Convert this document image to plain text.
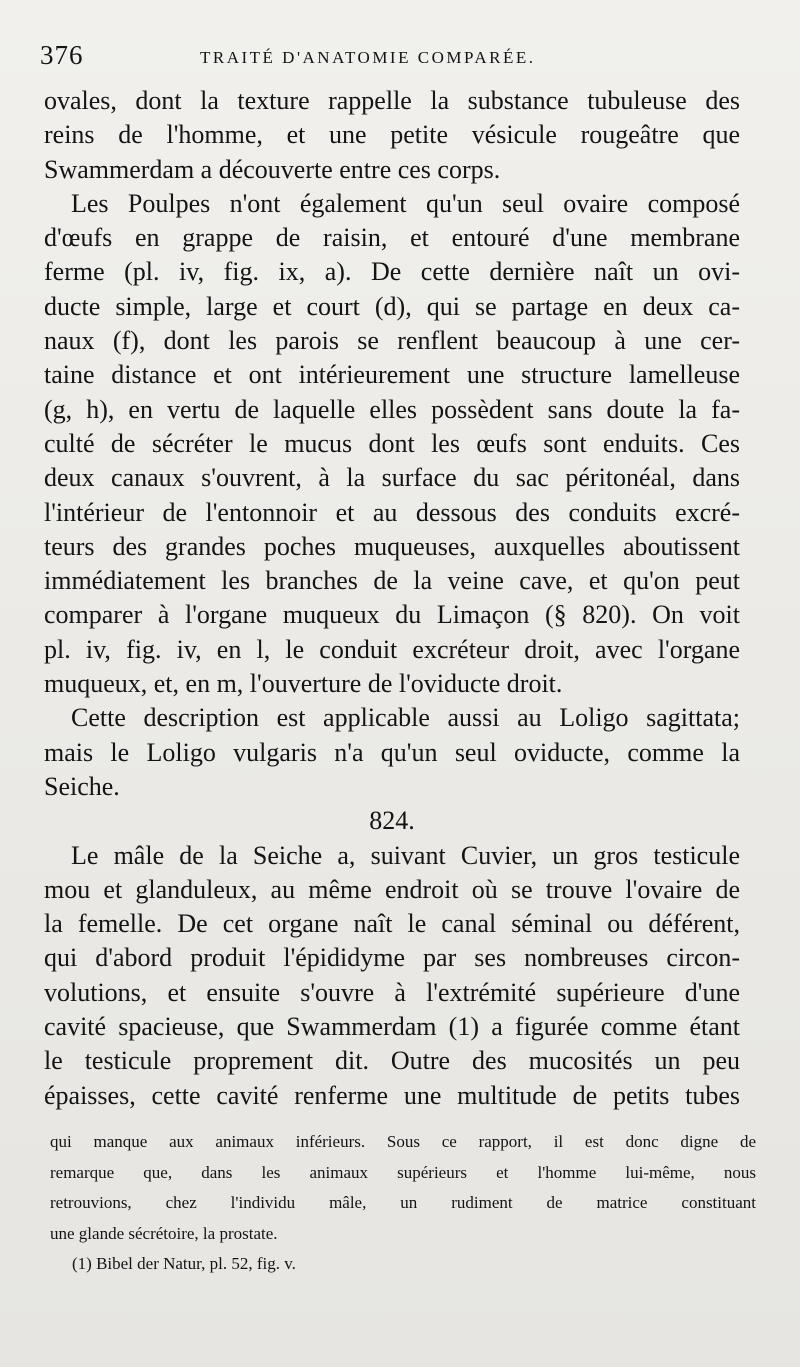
376	TRAITÉ D'ANATOMIE COMPARÉE.
ovales, dont la texture rappelle la substance tubuleuse des
reins de l'homme, et une petite vésicule rougeâtre que
Swammerdam a découverte entre ces corps.
Les Poulpes n'ont également qu'un seul ovaire composé
d'œufs en grappe de raisin, et entouré d'une membrane
ferme (pl. iv, fig. ix, a). De cette dernière naît un ovi-
ducte simple, large et court (d), qui se partage en deux ca-
naux (f), dont les parois se renflent beaucoup à une cer-
taine distance et ont intérieurement une structure lamelleuse
(g, h), en vertu de laquelle elles possèdent sans doute la fa-
culté de sécréter le mucus dont les œufs sont enduits. Ces
deux canaux s'ouvrent, à la surface du sac péritonéal, dans
l'intérieur de l'entonnoir et au dessous des conduits excré-
teurs des grandes poches muqueuses, auxquelles aboutissent
immédiatement les branches de la veine cave, et qu'on peut
comparer à l'organe muqueux du Limaçon (§ 820). On voit
pl. iv, fig. iv, en l, le conduit excréteur droit, avec l'organe
muqueux, et, en m, l'ouverture de l'oviducte droit.
Cette description est applicable aussi au Loligo sagittata;
mais le Loligo vulgaris n'a qu'un seul oviducte, comme la
Seiche.
824.
Le mâle de la Seiche a, suivant Cuvier, un gros testicule
mou et glanduleux, au même endroit où se trouve l'ovaire de
la femelle. De cet organe naît le canal séminal ou déférent,
qui d'abord produit l'épididyme par ses nombreuses circon-
volutions, et ensuite s'ouvre à l'extrémité supérieure d'une
cavité spacieuse, que Swammerdam (1) a figurée comme étant
le testicule proprement dit. Outre des mucosités un peu
épaisses, cette cavité renferme une multitude de petits tubes
qui manque aux animaux inférieurs. Sous ce rapport, il est donc digne de
remarque que, dans les animaux supérieurs et l'homme lui-même, nous
retrouvions, chez l'individu mâle, un rudiment de matrice constituant
une glande sécrétoire, la prostate.
(1) Bibel der Natur, pl. 52, fig. v.
